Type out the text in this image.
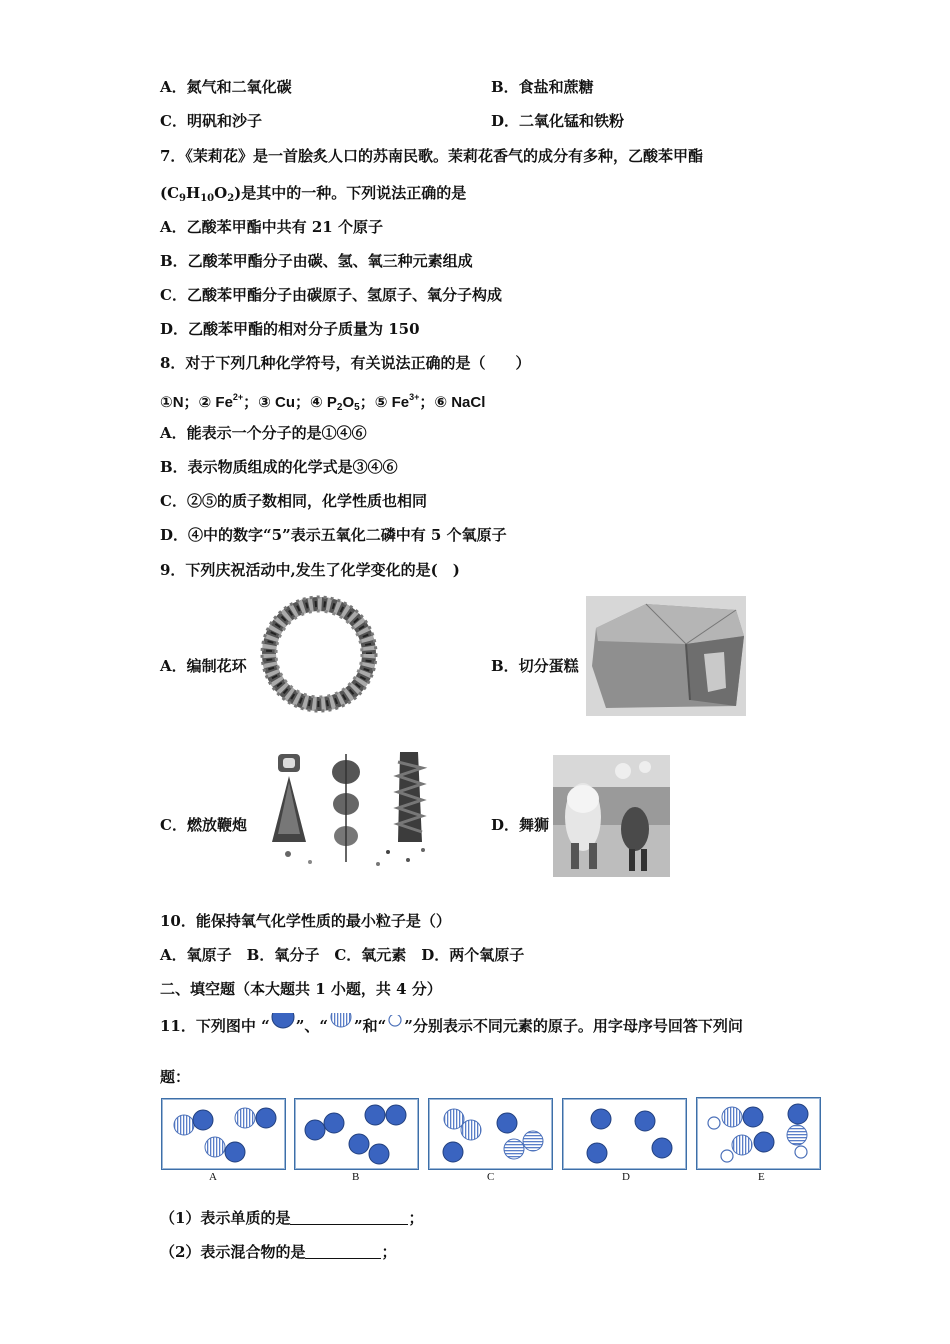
A．氮气和二氧化碳	B．食盐和蔗糖
C．明矾和沙子	D．二氧化锰和铁粉
7．《茉莉花》是一首脍炙人口的苏南民歌。茉莉花香气的成分有多种，乙酸苯甲酯
$(C_9H_{10}O_2)$是其中的一种。下列说法正确的是
A．乙酸苯甲酯中共有 21 个原子
B．乙酸苯甲酯分子由碳、氢、氧三种元素组成
C．乙酸苯甲酯分子由碳原子、氢原子、氧分子构成
D．乙酸苯甲酯的相对分子质量为 150
8．对于下列几种化学符号，有关说法正确的是（　　）
①N；② $Fe^{2+}$；③ Cu；④ $P_2O_5$；⑤ $Fe^{3+}$；⑥ NaCl
A．能表示一个分子的是①④⑥
B．表示物质组成的化学式是③④⑥
C．②⑤的质子数相同，化学性质也相同
D．④中的数字“5”表示五氧化二磷中有 5 个氧原子
9．下列庆祝活动中,发生了化学变化的是(　)
A．编制花环	B．切分蛋糕
C．燃放鞭炮	D．舞狮
10．能保持氧气化学性质的最小粒子是（）
A．氧原子　B．氧分子　C．氧元素　D．两个氧原子
二、填空题（本大题共 1 小题，共 4 分）
11．下列图中 “ ”、“ ”和“ ”分别表示不同元素的原子。用字母序号回答下列问
题：
A	B	C	D	E
（1）表示单质的是	；
（2）表示混合物的是	；
